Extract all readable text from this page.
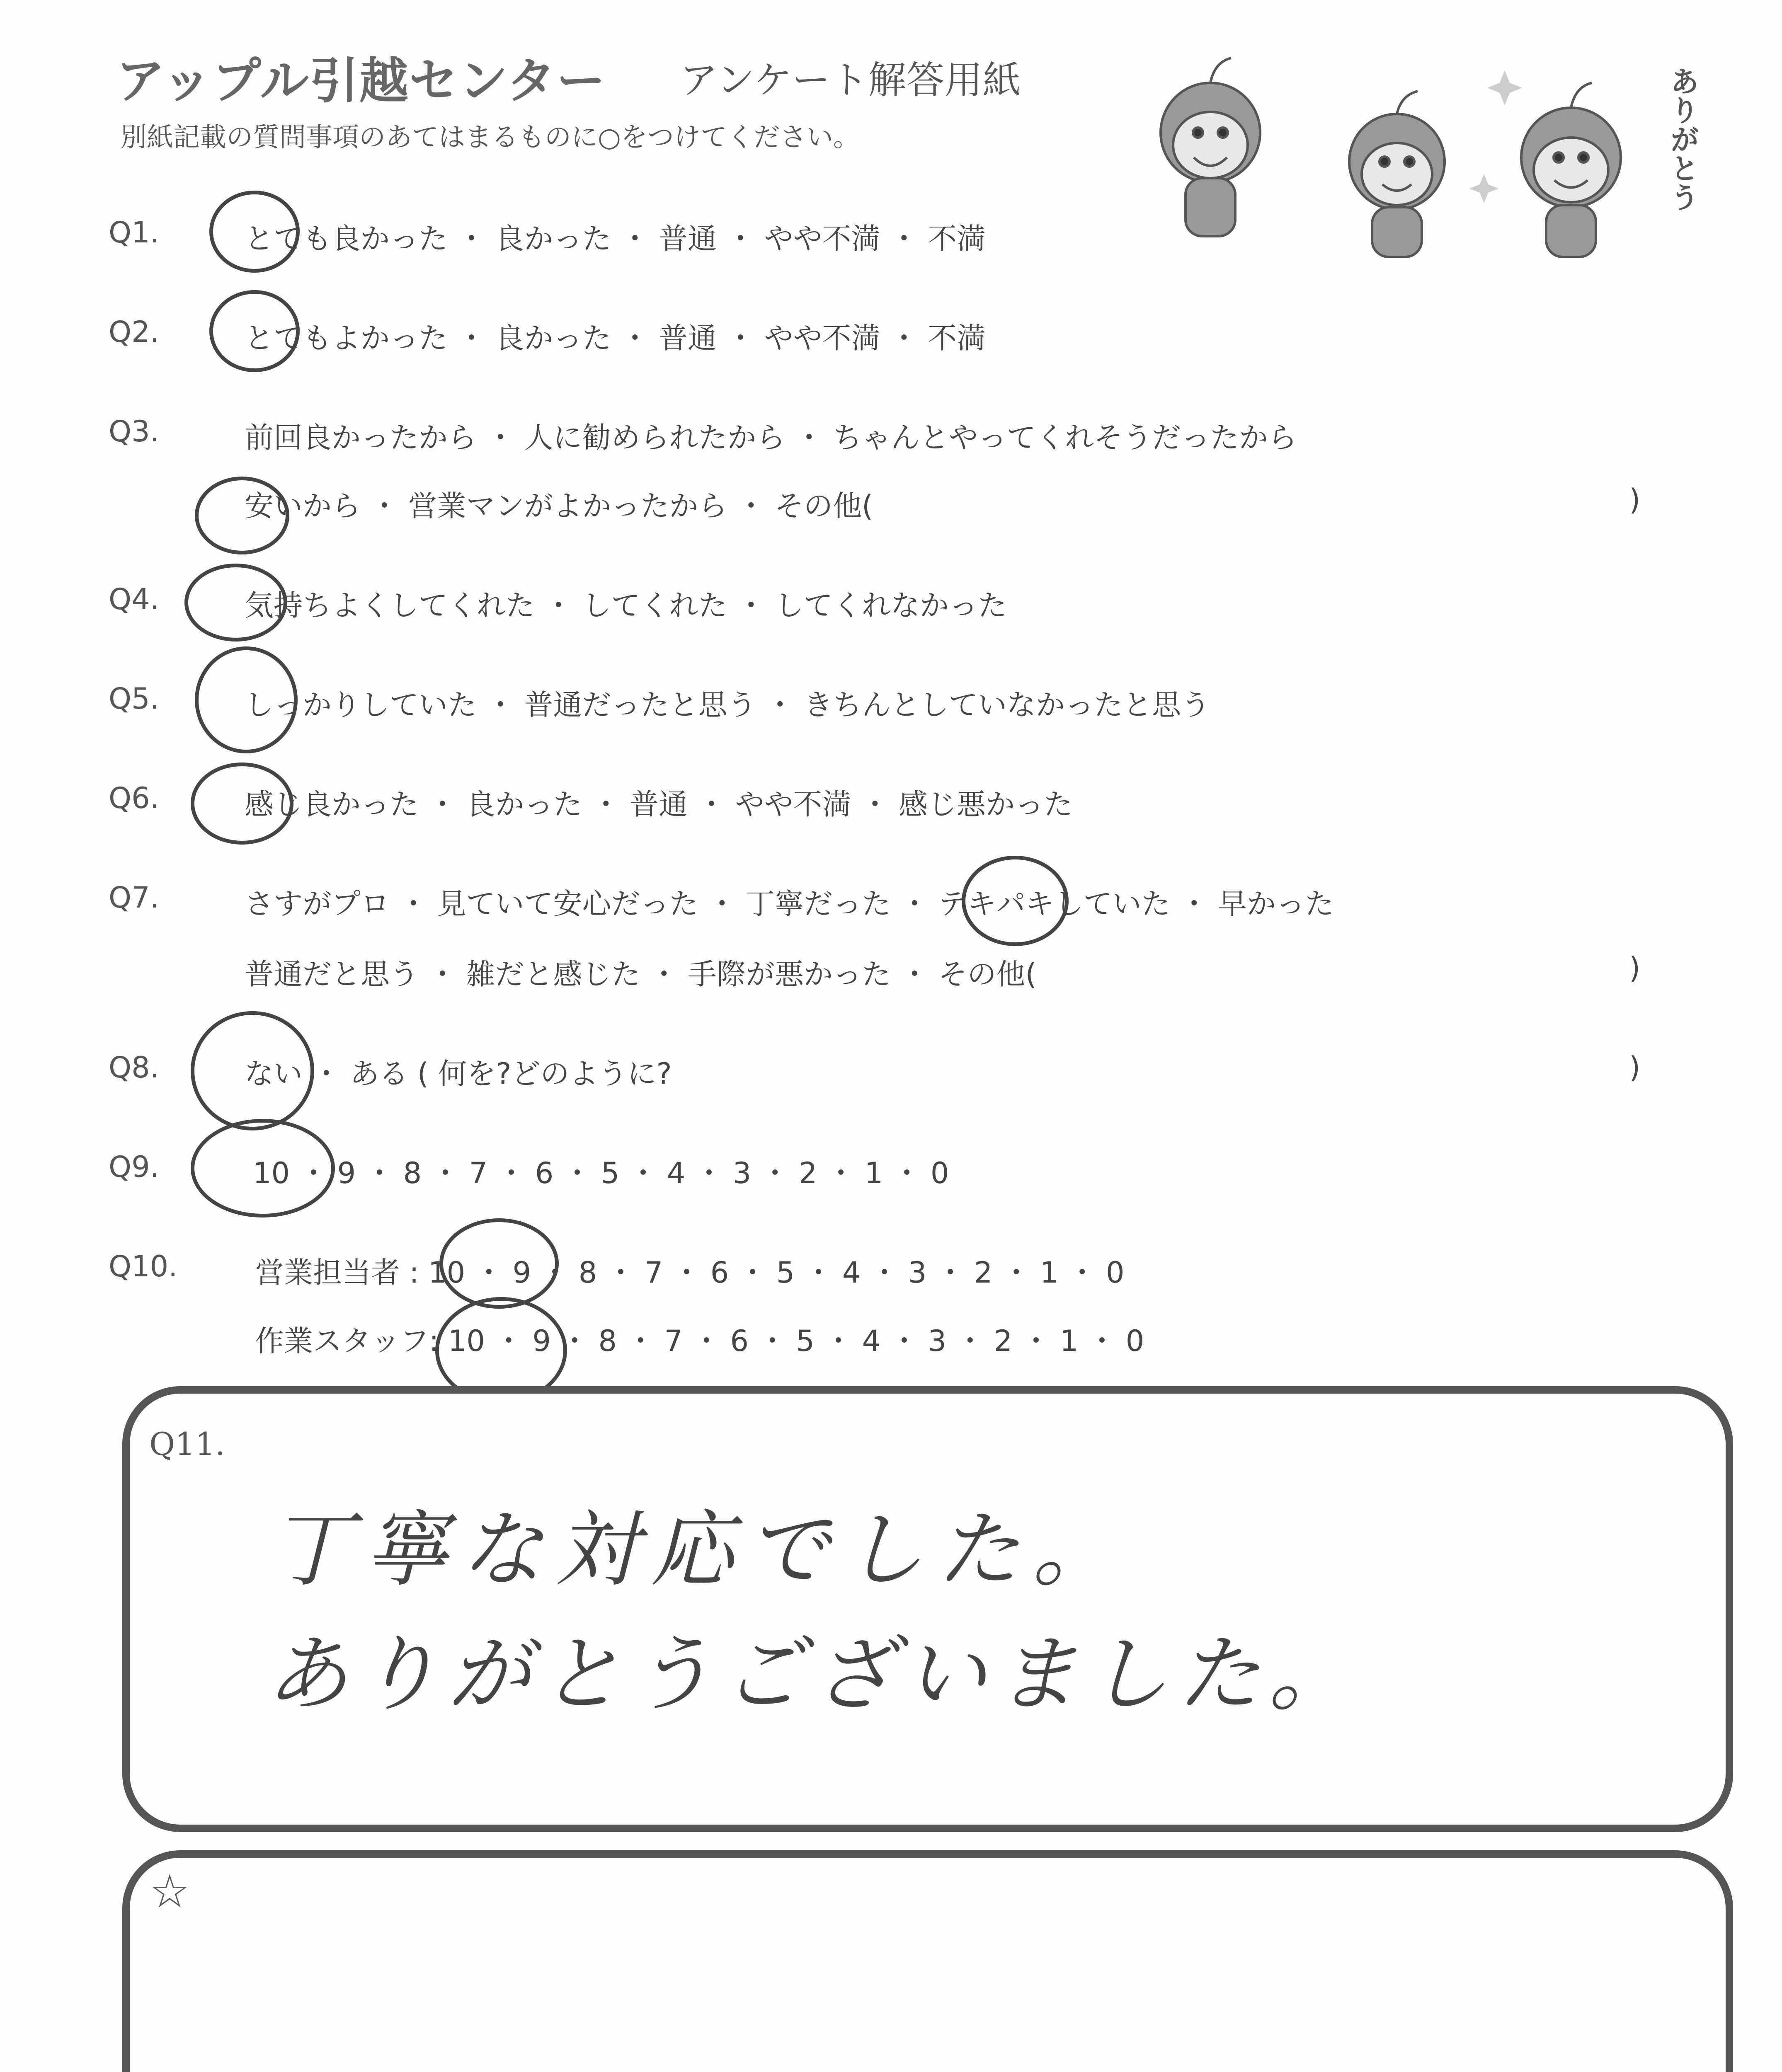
アップル引越センター アンケート解答用紙
別紙記載の質問事項のあてはまるものに○をつけてください。	ありがとう
Q1.	とても良かった ・ 良かった ・ 普通 ・ やや不満 ・ 不満
Q2.	とてもよかった ・ 良かった ・ 普通 ・ やや不満 ・ 不満
Q3.	前回良かったから ・ 人に勧められたから ・ ちゃんとやってくれそうだったから
安いから ・ 営業マンがよかったから ・ その他(	)
Q4.	気持ちよくしてくれた ・ してくれた ・ してくれなかった
Q5.	しっかりしていた ・ 普通だったと思う ・ きちんとしていなかったと思う
Q6.	感じ良かった ・ 良かった ・ 普通 ・ やや不満 ・ 感じ悪かった
Q7.	さすがプロ ・ 見ていて安心だった ・ 丁寧だった ・ テキパキしていた ・ 早かった
普通だと思う ・ 雑だと感じた ・ 手際が悪かった ・ その他(	)
Q8.	ない ・ ある ( 何を?どのように?	)
Q9.	10 ・ 9 ・ 8 ・ 7 ・ 6 ・ 5 ・ 4 ・ 3 ・ 2 ・ 1 ・ 0
Q10.	営業担当者 : 10 ・ 9 ・ 8 ・ 7 ・ 6 ・ 5 ・ 4 ・ 3 ・ 2 ・ 1 ・ 0
作業スタッフ: 10 ・ 9 ・ 8 ・ 7 ・ 6 ・ 5 ・ 4 ・ 3 ・ 2 ・ 1 ・ 0
Q11.
丁寧な対応でした。
ありがとうございました。
☆
